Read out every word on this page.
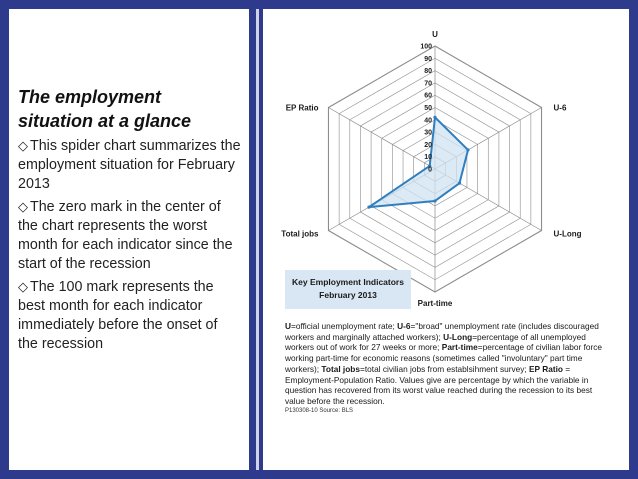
The employment situation at a glance
◇ This spider chart summarizes the employment situation for February 2013
◇ The zero mark in the center of the chart represents the worst month for each indicator since the start of the recession
◇ The 100 mark represents the best month for each indicator immediately before the onset of the recession
0
10
20
30
40
50
60
70
80
90
100
U
U-6
U-Long
Part-time
Total jobs
EP Ratio
Key Employment Indicators February 2013
U=official unemployment rate; U-6="broad" unemployment rate (includes discouraged workers and marginally attached workers); U-Long=percentage of all unemployed workers out of work for 27 weeks or more; Part-time=percentage of civilian labor force working part-time for economic reasons (sometimes called "involuntary" part time workers); Total jobs=total civilian jobs from establsihment survey; EP Ratio = Employment-Population Ratio. Values give are percentage by which the variable in question has recovered from its worst value reached during the recession to its best value before the recession.
P130308-10 Source: BLS
